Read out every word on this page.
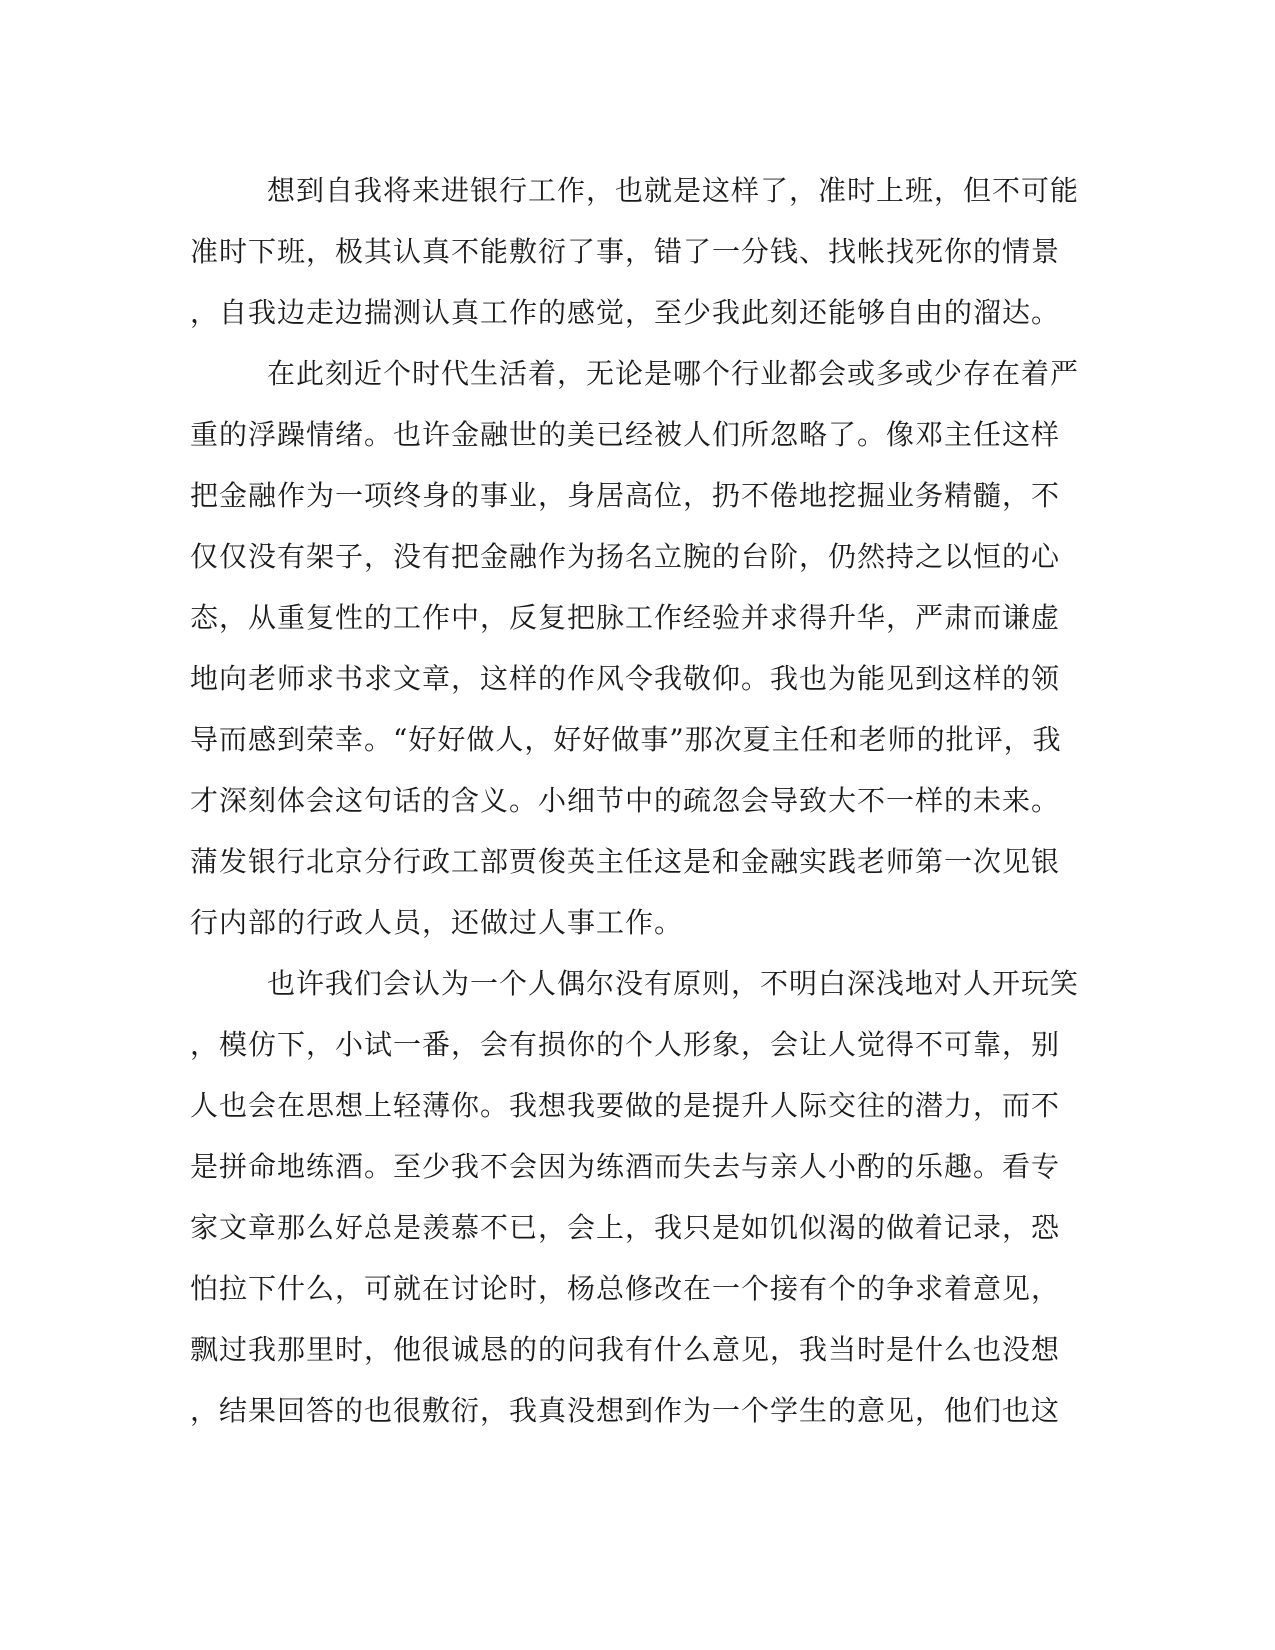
想到自我将来进银行工作，也就是这样了，准时上班，但不可能
准时下班，极其认真不能敷衍了事，错了一分钱、找帐找死你的情景
，自我边走边揣测认真工作的感觉，至少我此刻还能够自由的溜达。
在此刻近个时代生活着，无论是哪个行业都会或多或少存在着严
重的浮躁情绪。也许金融世的美已经被人们所忽略了。像邓主任这样
把金融作为一项终身的事业，身居高位，扔不倦地挖掘业务精髓，不
仅仅没有架子，没有把金融作为扬名立腕的台阶，仍然持之以恒的心
态，从重复性的工作中，反复把脉工作经验并求得升华，严肃而谦虚
地向老师求书求文章，这样的作风令我敬仰。我也为能见到这样的领
导而感到荣幸。“好好做人，好好做事”那次夏主任和老师的批评，我
才深刻体会这句话的含义。小细节中的疏忽会导致大不一样的未来。
蒲发银行北京分行政工部贾俊英主任这是和金融实践老师第一次见银
行内部的行政人员，还做过人事工作。
也许我们会认为一个人偶尔没有原则，不明白深浅地对人开玩笑
，模仿下，小试一番，会有损你的个人形象，会让人觉得不可靠，别
人也会在思想上轻薄你。我想我要做的是提升人际交往的潜力，而不
是拼命地练酒。至少我不会因为练酒而失去与亲人小酌的乐趣。看专
家文章那么好总是羡慕不已，会上，我只是如饥似渴的做着记录，恐
怕拉下什么，可就在讨论时，杨总修改在一个接有个的争求着意见，
飘过我那里时，他很诚恳的的问我有什么意见，我当时是什么也没想
，结果回答的也很敷衍，我真没想到作为一个学生的意见，他们也这
